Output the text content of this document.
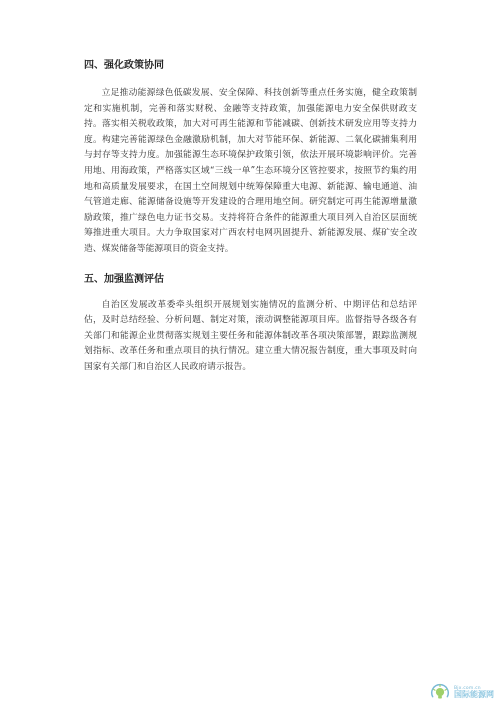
四、强化政策协同

立足推动能源绿色低碳发展、安全保障、科技创新等重点任务实施，健全政策制定和实施机制，完善和落实财税、金融等支持政策，加强能源电力安全保供财政支持。落实相关税收政策，加大对可再生能源和节能减碳、创新技术研发应用等支持力度。构建完善能源绿色金融激励机制，加大对节能环保、新能源、二氧化碳捕集利用与封存等支持力度。加强能源生态环境保护政策引领，依法开展环境影响评价。完善用地、用海政策，严格落实区域“三线一单”生态环境分区管控要求，按照节约集约用地和高质量发展要求，在国土空间规划中统筹保障重大电源、新能源、输电通道、油气管道走廊、能源储备设施等开发建设的合理用地空间。研究制定可再生能源增量激励政策，推广绿色电力证书交易。支持将符合条件的能源重大项目列入自治区层面统筹推进重大项目。大力争取国家对广西农村电网巩固提升、新能源发展、煤矿安全改造、煤炭储备等能源项目的资金支持。

五、加强监测评估

自治区发展改革委牵头组织开展规划实施情况的监测分析、中期评估和总结评估，及时总结经验、分析问题、制定对策，滚动调整能源项目库。监督指导各级各有关部门和能源企业贯彻落实规划主要任务和能源体制改革各项决策部署，跟踪监测规划指标、改革任务和重点项目的执行情况。建立重大情况报告制度，重大事项及时向国家有关部门和自治区人民政府请示报告。

Bjx.com.cn
国际能源网
